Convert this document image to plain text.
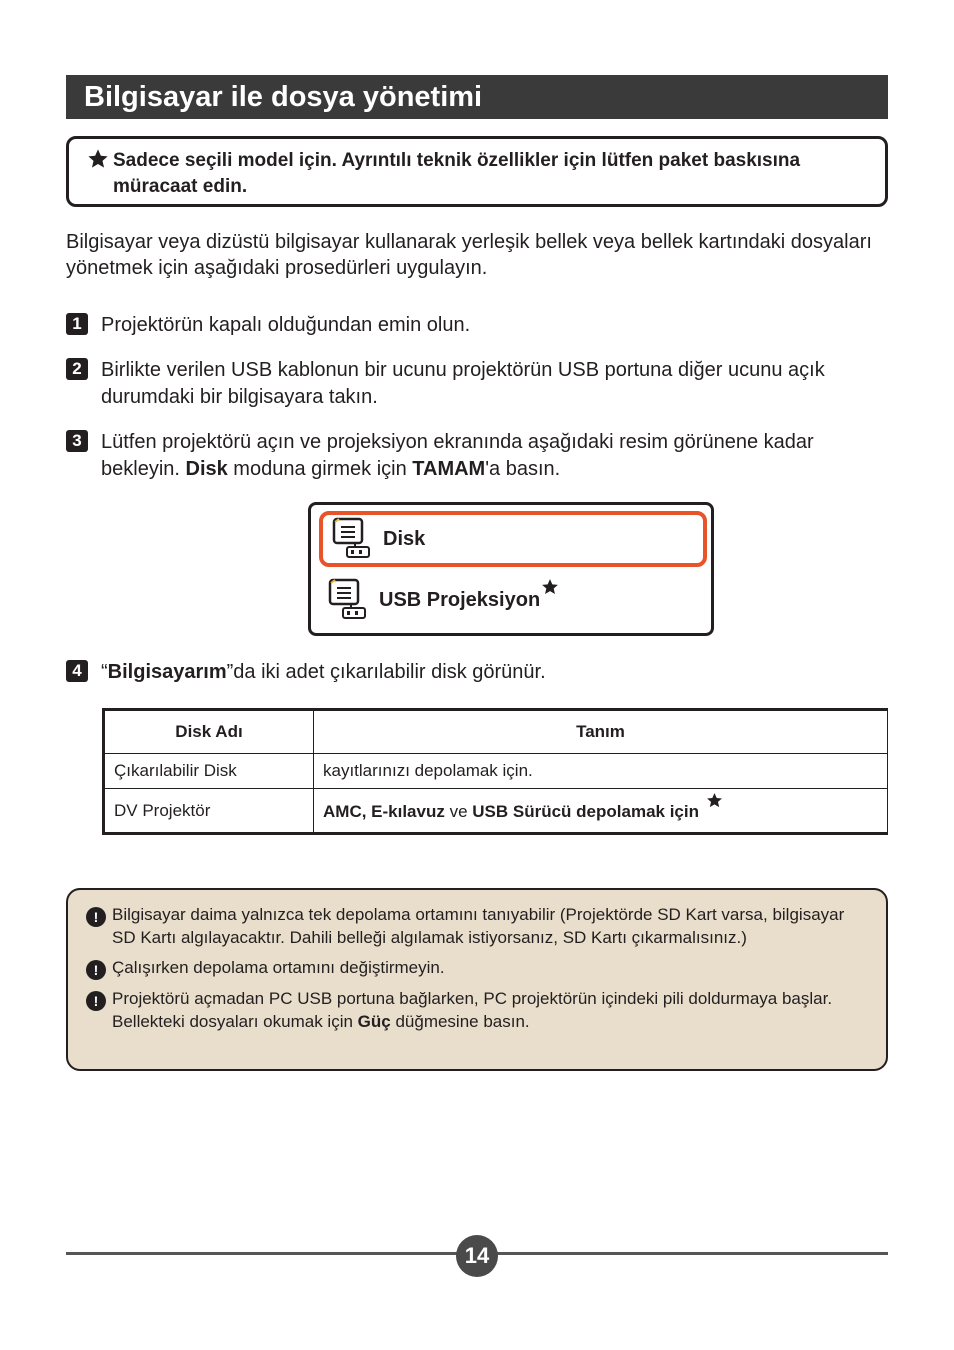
Bilgisayar ile dosya yönetimi
Sadece seçili model için. Ayrıntılı teknik özellikler için lütfen paket baskısına müracaat edin.

Bilgisayar veya dizüstü bilgisayar kullanarak yerleşik bellek veya bellek kartındaki dosyaları yönetmek için aşağıdaki prosedürleri uygulayın.

1 Projektörün kapalı olduğundan emin olun.
2 Birlikte verilen USB kablonun bir ucunu projektörün USB portuna diğer ucunu açık durumdaki bir bilgisayara takın.
3 Lütfen projektörü açın ve projeksiyon ekranında aşağıdaki resim görünene kadar bekleyin. Disk moduna girmek için TAMAM'a basın.
Disk
USB Projeksiyon
4 “Bilgisayarım”da iki adet çıkarılabilir disk görünür.
Disk Adı	Tanım
Çıkarılabilir Disk	kayıtlarınızı depolamak için.
DV Projektör	AMC, E-kılavuz ve USB Sürücü depolamak için
! Bilgisayar daima yalnızca tek depolama ortamını tanıyabilir (Projektörde SD Kart varsa, bilgisayar SD Kartı algılayacaktır. Dahili belleği algılamak istiyorsanız, SD Kartı çıkarmalısınız.)
! Çalışırken depolama ortamını değiştirmeyin.
! Projektörü açmadan PC USB portuna bağlarken, PC projektörün içindeki pili doldurmaya başlar. Bellekteki dosyaları okumak için Güç düğmesine basın.
14
